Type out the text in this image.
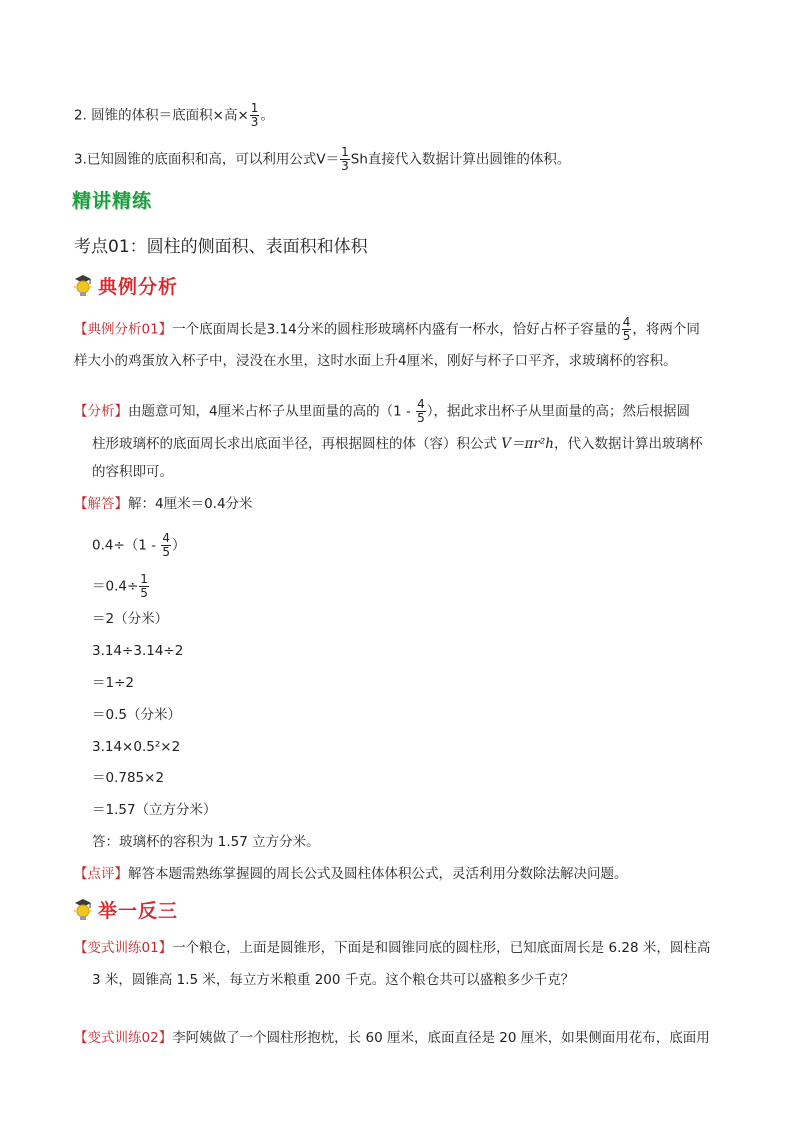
2. 圆锥的体积＝底面积×高× $\frac{1}{3}$ 。
3.已知圆锥的底面积和高，可以利用公式$V= \frac{1}{3}$ Sh直接代入数据计算出圆锥的体积。
精讲精练
考点01：圆柱的侧面积、表面积和体积
典例分析
【典例分析01】一个底面周长是3.14分米的圆柱形玻璃杯内盛有一杯水，恰好占杯子容量的 $\frac{4}{5}$ ，将两个同
样大小的鸡蛋放入杯子中，浸没在水里，这时水面上升4厘米，刚好与杯子口平齐，求玻璃杯的容积。
【分析】由题意可知，4厘米占杯子从里面量的高的（$1 - \frac{4}{5}$ ），据此求出杯子从里面量的高；然后根据圆
柱形玻璃杯的底面周长求出底面半径，再根据圆柱的体（容）积公式 V＝πr²h，代入数据计算出玻璃杯
的容积即可。
【解答】解：4厘米＝0.4分米
$0.4\div(1 - \frac{4}{5}$ ）
$=0.4\div \frac{1}{5}$
＝2（分米）
3.14÷3.14÷2
＝1÷2
＝0.5（分米）
3.14×0.5²×2
＝0.785×2
＝1.57（立方分米）
答：玻璃杯的容积为 1.57 立方分米。
【点评】解答本题需熟练掌握圆的周长公式及圆柱体体积公式，灵活利用分数除法解决问题。
举一反三
【变式训练01】一个粮仓，上面是圆锥形，下面是和圆锥同底的圆柱形，已知底面周长是 6.28 米，圆柱高
3 米，圆锥高 1.5 米，每立方米粮重 200 千克。这个粮仓共可以盛粮多少千克？
【变式训练02】李阿姨做了一个圆柱形抱枕，长 60 厘米，底面直径是 20 厘米，如果侧面用花布，底面用
